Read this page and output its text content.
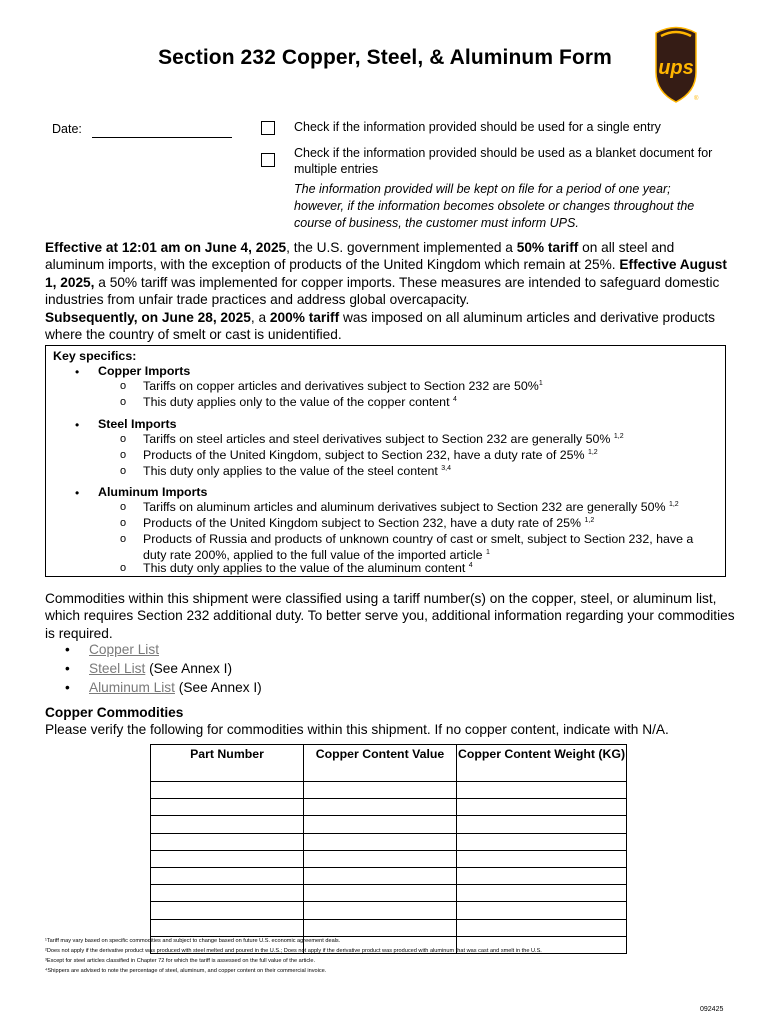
Section 232 Copper, Steel, & Aluminum Form	ups
®
Date:	Check if the information provided should be used for a single entry
Check if the information provided should be used as a blanket document for multiple entries
The information provided will be kept on file for a period of one year; however, if the information becomes obsolete or changes throughout the course of business, the customer must inform UPS.
Effective at 12:01 am on June 4, 2025, the U.S. government implemented a 50% tariff on all steel and aluminum imports, with the exception of products of the United Kingdom which remain at 25%. Effective August 1, 2025, a 50% tariff was implemented for copper imports. These measures are intended to safeguard domestic industries from unfair trade practices and address global overcapacity.
Subsequently, on June 28, 2025, a 200% tariff was imposed on all aluminum articles and derivative products where the country of smelt or cast is unidentified.
Key specifics:
• Copper Imports
o Tariffs on copper articles and derivatives subject to Section 232 are 50%$^1$
o This duty applies only to the value of the copper content $^4$
• Steel Imports
o Tariffs on steel articles and steel derivatives subject to Section 232 are generally 50% $^{1,2}$
o Products of the United Kingdom, subject to Section 232, have a duty rate of 25% $^{1,2}$
o This duty only applies to the value of the steel content $^{3,4}$
• Aluminum Imports
o Tariffs on aluminum articles and aluminum derivatives subject to Section 232 are generally 50% $^{1,2}$
o Products of the United Kingdom subject to Section 232, have a duty rate of 25% $^{1,2}$
o Products of Russia and products of unknown country of cast or smelt, subject to Section 232, have a duty rate 200%, applied to the full value of the imported article $^1$
o This duty only applies to the value of the aluminum content $^4$
Commodities within this shipment were classified using a tariff number(s) on the copper, steel, or aluminum list, which requires Section 232 additional duty. To better serve you, additional information regarding your commodities is required.
• Copper List
• Steel List (See Annex I)
• Aluminum List (See Annex I)
Copper Commodities
Please verify the following for commodities within this shipment. If no copper content, indicate with N/A.
Part Number	Copper Content Value	Copper Content Weight (KG)

¹Tariff may vary based on specific commodities and subject to change based on future U.S. economic agreement deals.
²Does not apply if the derivative product was produced with steel melted and poured in the U.S.; Does not apply if the derivative product was produced with aluminum that was cast and smelt in the U.S.
³Except for steel articles classified in Chapter 72 for which the tariff is assessed on the full value of the article.
⁴Shippers are advised to note the percentage of steel, aluminum, and copper content on their commercial invoice.
092425
